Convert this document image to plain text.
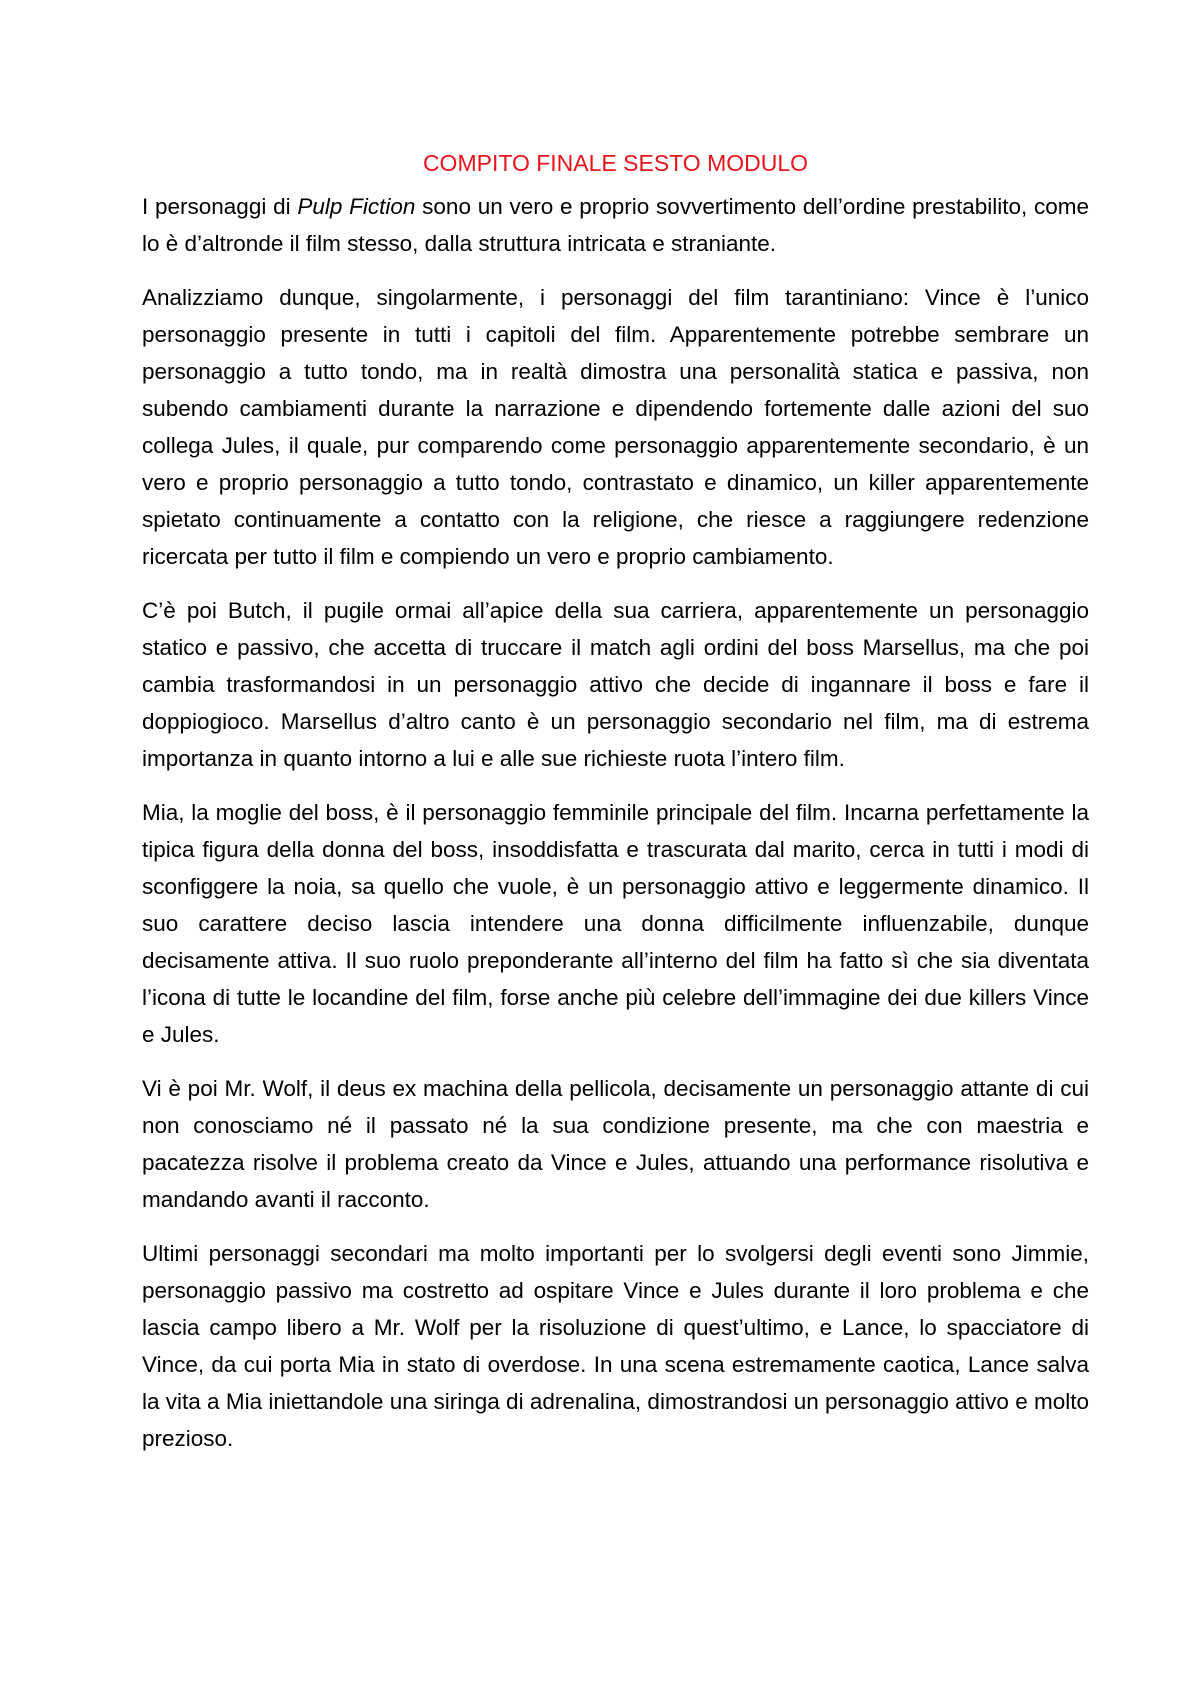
COMPITO FINALE SESTO MODULO

I personaggi di Pulp Fiction sono un vero e proprio sovvertimento dell’ordine prestabilito, come lo è d’altronde il film stesso, dalla struttura intricata e straniante.

Analizziamo dunque, singolarmente, i personaggi del film tarantiniano: Vince è l’unico personaggio presente in tutti i capitoli del film. Apparentemente potrebbe sembrare un personaggio a tutto tondo, ma in realtà dimostra una personalità statica e passiva, non subendo cambiamenti durante la narrazione e dipendendo fortemente dalle azioni del suo collega Jules, il quale, pur comparendo come personaggio apparentemente secondario, è un vero e proprio personaggio a tutto tondo, contrastato e dinamico, un killer apparentemente spietato continuamente a contatto con la religione, che riesce a raggiungere redenzione ricercata per tutto il film e compiendo un vero e proprio cambiamento.

C’è poi Butch, il pugile ormai all’apice della sua carriera, apparentemente un personaggio statico e passivo, che accetta di truccare il match agli ordini del boss Marsellus, ma che poi cambia trasformandosi in un personaggio attivo che decide di ingannare il boss e fare il doppiogioco. Marsellus d’altro canto è un personaggio secondario nel film, ma di estrema importanza in quanto intorno a lui e alle sue richieste ruota l’intero film.

Mia, la moglie del boss, è il personaggio femminile principale del film. Incarna perfettamente la tipica figura della donna del boss, insoddisfatta e trascurata dal marito, cerca in tutti i modi di sconfiggere la noia, sa quello che vuole, è un personaggio attivo e leggermente dinamico. Il suo carattere deciso lascia intendere una donna difficilmente influenzabile, dunque decisamente attiva. Il suo ruolo preponderante all’interno del film ha fatto sì che sia diventata l’icona di tutte le locandine del film, forse anche più celebre dell’immagine dei due killers Vince e Jules.

Vi è poi Mr. Wolf, il deus ex machina della pellicola, decisamente un personaggio attante di cui non conosciamo né il passato né la sua condizione presente, ma che con maestria e pacatezza risolve il problema creato da Vince e Jules, attuando una performance risolutiva e mandando avanti il racconto.

Ultimi personaggi secondari ma molto importanti per lo svolgersi degli eventi sono Jimmie, personaggio passivo ma costretto ad ospitare Vince e Jules durante il loro problema e che lascia campo libero a Mr. Wolf per la risoluzione di quest’ultimo, e Lance, lo spacciatore di Vince, da cui porta Mia in stato di overdose. In una scena estremamente caotica, Lance salva la vita a Mia iniettandole una siringa di adrenalina, dimostrandosi un personaggio attivo e molto prezioso.
